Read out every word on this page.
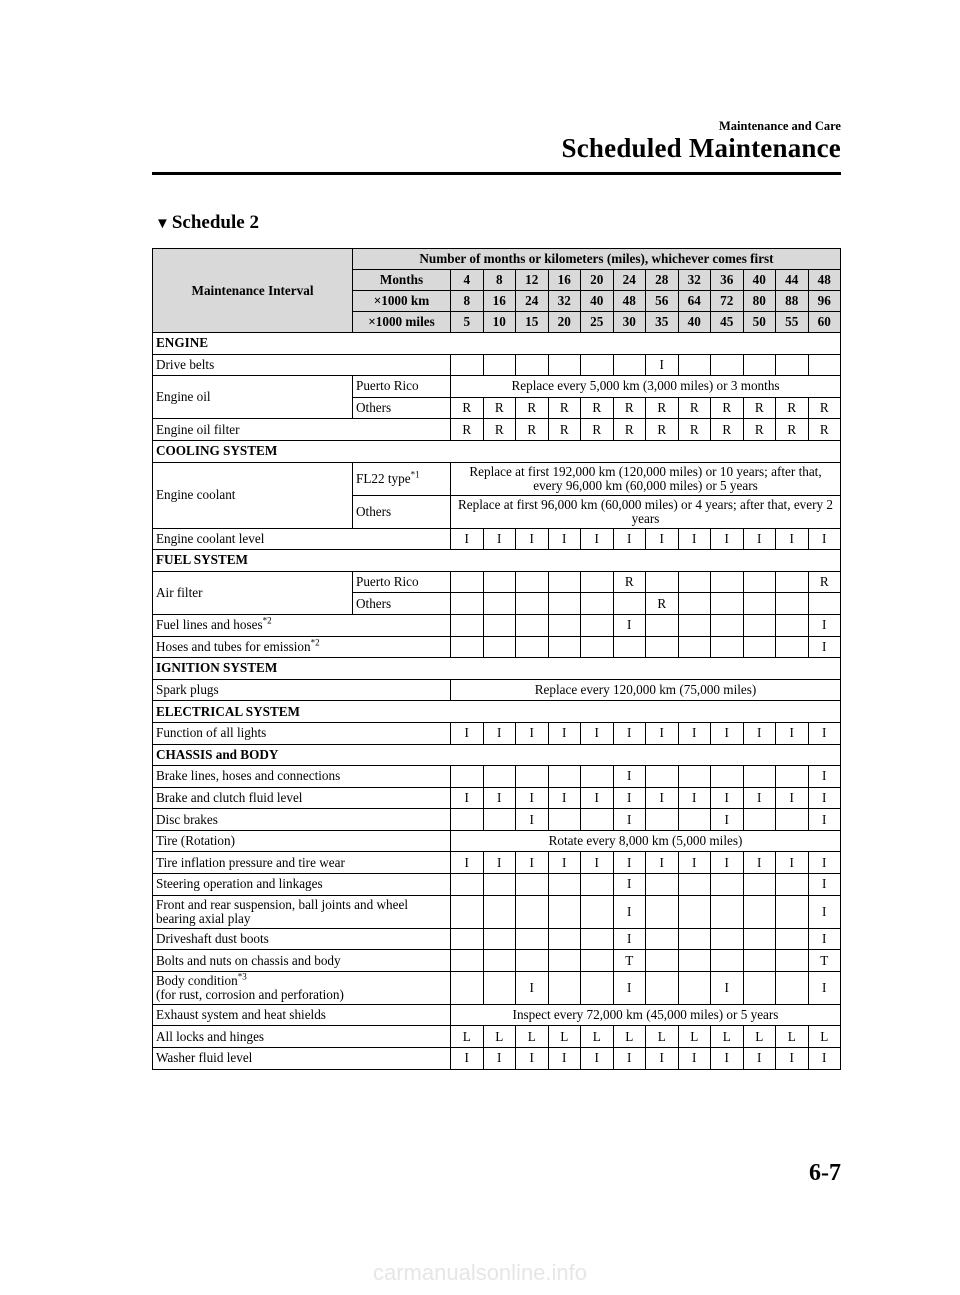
Maintenance and Care
Scheduled Maintenance
▼ Schedule 2
Maintenance Interval	Number of months or kilometers (miles), whichever comes first												
	Months	4	8	12	16	20	24	28	32	36	40	44	48
	×1000 km	8	16	24	32	40	48	56	64	72	80	88	96
	×1000 miles	5	10	15	20	25	30	35	40	45	50	55	60
ENGINE													
Drive belts								I					
Engine oil	Puerto Rico	Replace every 5,000 km (3,000 miles) or 3 months											
	Others	R	R	R	R	R	R	R	R	R	R	R	R
Engine oil filter		R	R	R	R	R	R	R	R	R	R	R	R
COOLING SYSTEM													
Engine coolant	FL22 type$^{*1}$	Replace at first 192,000 km (120,000 miles) or 10 years; after that, every 96,000 km (60,000 miles) or 5 years											
	Others	Replace at first 96,000 km (60,000 miles) or 4 years; after that, every 2 years											
Engine coolant level		I	I	I	I	I	I	I	I	I	I	I	I
FUEL SYSTEM													
Air filter	Puerto Rico						R						R
	Others							R					
Fuel lines and hoses$^{*2}$							I						I
Hoses and tubes for emission$^{*2}$													I
IGNITION SYSTEM													
Spark plugs		Replace every 120,000 km (75,000 miles)											
ELECTRICAL SYSTEM													
Function of all lights		I	I	I	I	I	I	I	I	I	I	I	I
CHASSIS and BODY													
Brake lines, hoses and connections							I						I
Brake and clutch fluid level		I	I	I	I	I	I	I	I	I	I	I	I
Disc brakes				I			I			I			I
Tire (Rotation)		Rotate every 8,000 km (5,000 miles)											
Tire inflation pressure and tire wear		I	I	I	I	I	I	I	I	I	I	I	I
Steering operation and linkages							I						I
Front and rear suspension, ball joints and wheel
bearing axial play							I						I
Driveshaft dust boots							I						I
Bolts and nuts on chassis and body							T						T
Body condition$^{*3}$
(for rust, corrosion and perforation)				I			I			I			I
Exhaust system and heat shields		Inspect every 72,000 km (45,000 miles) or 5 years											
All locks and hinges		L	L	L	L	L	L	L	L	L	L	L	L
Washer fluid level		I	I	I	I	I	I	I	I	I	I	I	I
6-7
carmanualsonline.info
